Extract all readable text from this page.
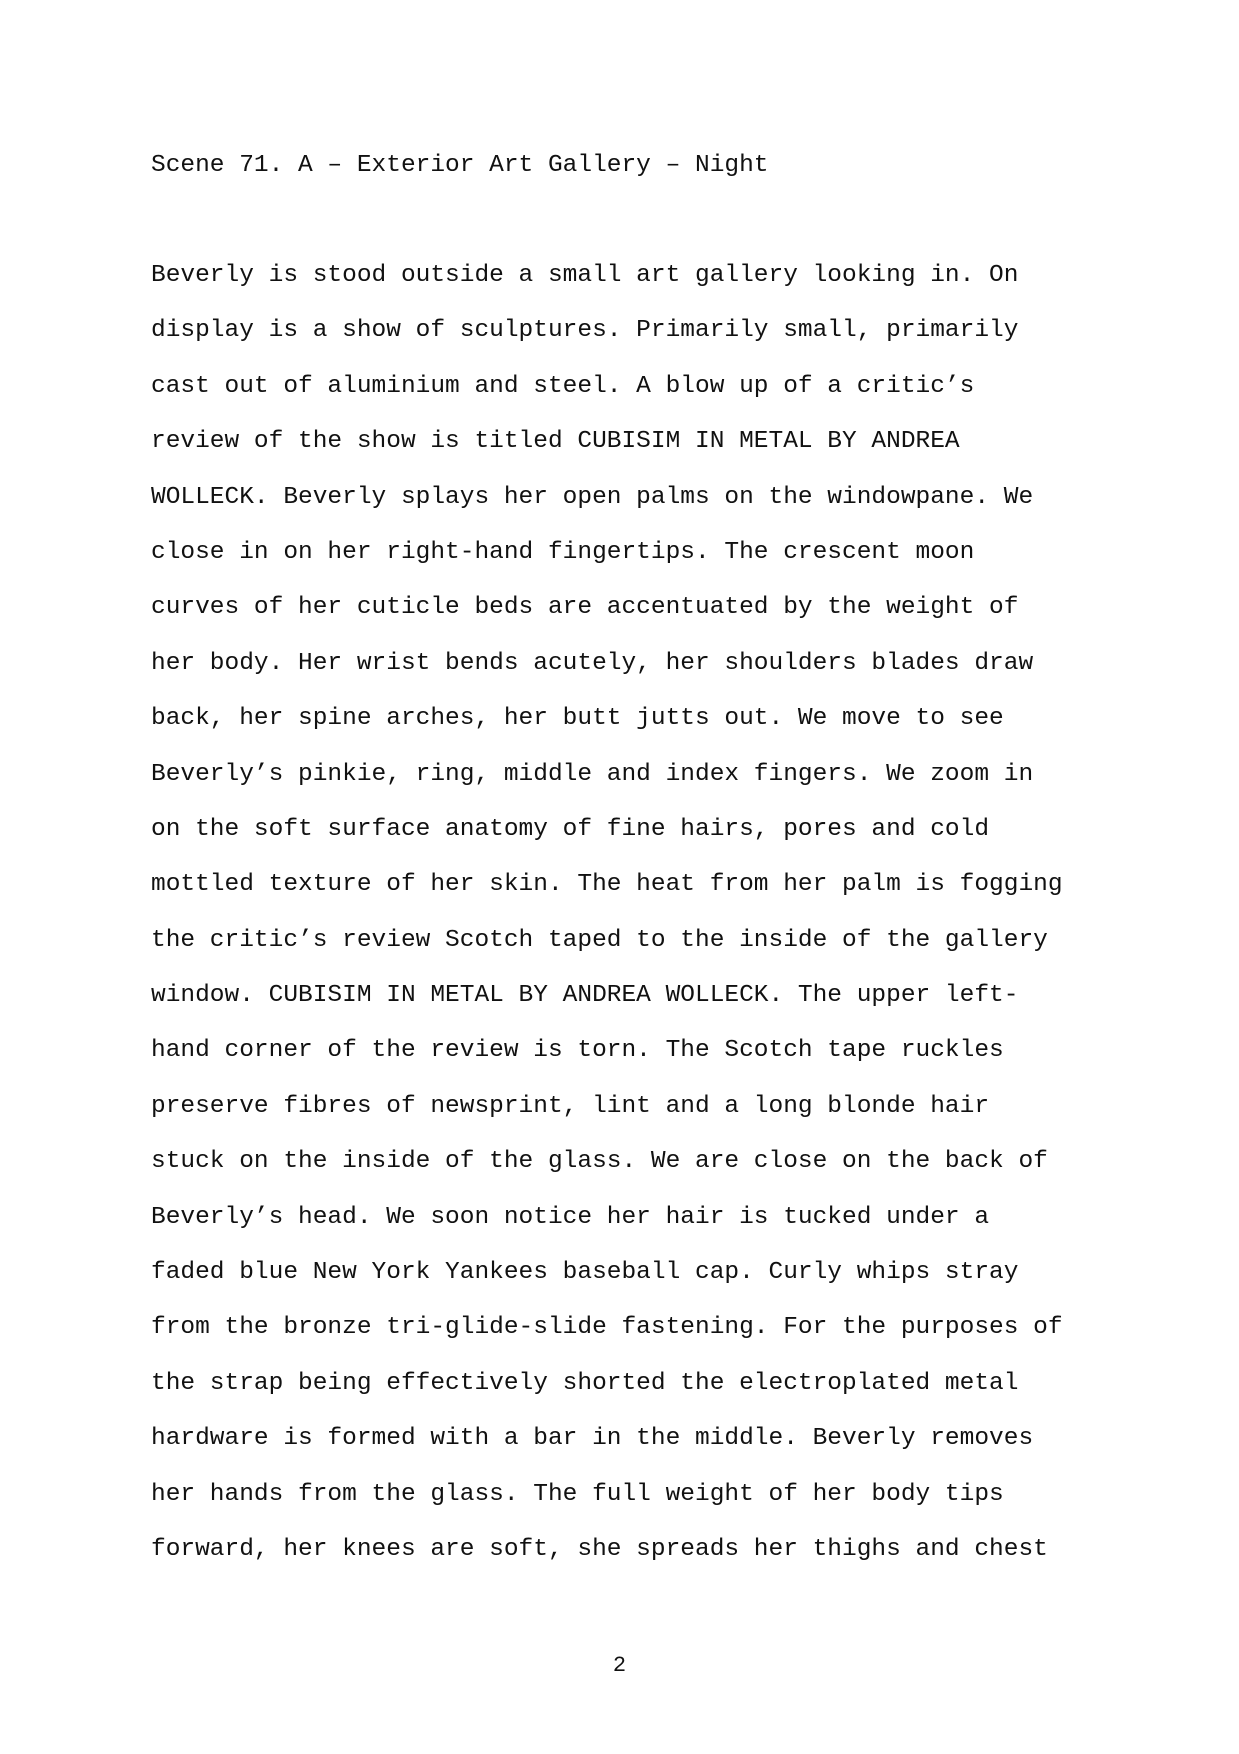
Scene 71. A – Exterior Art Gallery – Night

Beverly is stood outside a small art gallery looking in. On
display is a show of sculptures. Primarily small, primarily
cast out of aluminium and steel. A blow up of a critic’s
review of the show is titled CUBISIM IN METAL BY ANDREA
WOLLECK. Beverly splays her open palms on the windowpane. We
close in on her right-hand fingertips. The crescent moon
curves of her cuticle beds are accentuated by the weight of
her body. Her wrist bends acutely, her shoulders blades draw
back, her spine arches, her butt jutts out. We move to see
Beverly’s pinkie, ring, middle and index fingers. We zoom in
on the soft surface anatomy of fine hairs, pores and cold
mottled texture of her skin. The heat from her palm is fogging
the critic’s review Scotch taped to the inside of the gallery
window. CUBISIM IN METAL BY ANDREA WOLLECK. The upper left-
hand corner of the review is torn. The Scotch tape ruckles
preserve fibres of newsprint, lint and a long blonde hair
stuck on the inside of the glass. We are close on the back of
Beverly’s head. We soon notice her hair is tucked under a
faded blue New York Yankees baseball cap. Curly whips stray
from the bronze tri-glide-slide fastening. For the purposes of
the strap being effectively shorted the electroplated metal
hardware is formed with a bar in the middle. Beverly removes
her hands from the glass. The full weight of her body tips
forward, her knees are soft, she spreads her thighs and chest

2
